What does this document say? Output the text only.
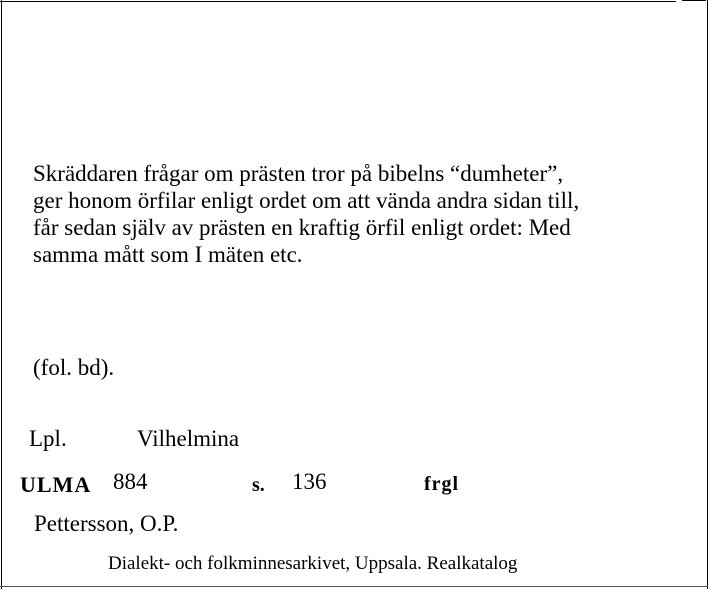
Skräddaren frågar om prästen tror på bibelns “dumheter”,
ger honom örfilar enligt ordet om att vända andra sidan till,
får sedan själv av prästen en kraftig örfil enligt ordet: Med
samma mått som I mäten etc.

(fol. bd).
Lpl.	Vilhelmina
ULMA 884	s. 136	frgl
Pettersson, O.P.
Dialekt- och folkminnesarkivet, Uppsala. Realkatalog
